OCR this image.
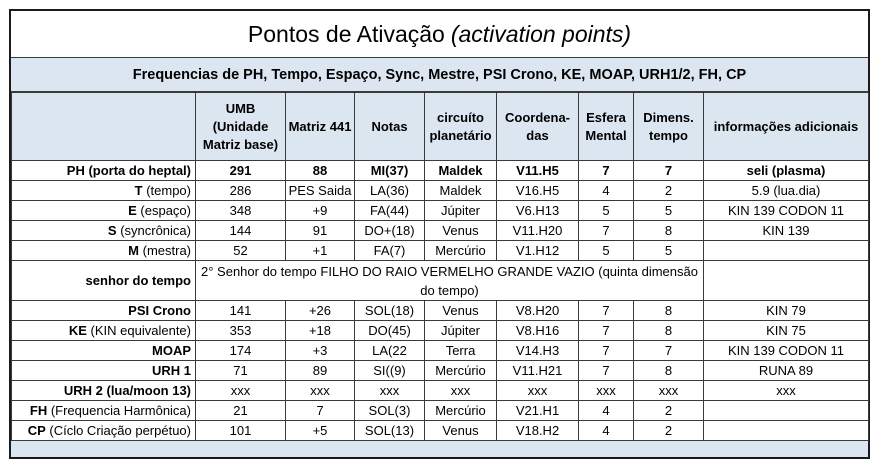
Pontos de Ativação (activation points)
Frequencias de PH, Tempo, Espaço, Sync, Mestre, PSI Crono, KE, MOAP, URH1/2, FH, CP
	UMB (Unidade Matriz base)	Matriz 441	Notas	circuíto planetário	Coordena-das	Esfera Mental	Dimens. tempo	informações adicionais
PH (porta do heptal)	291	88	MI(37)	Maldek	V11.H5	7	7	seli (plasma)
T (tempo)	286	PES Saida	LA(36)	Maldek	V16.H5	4	2	5.9 (lua.dia)
E (espaço)	348	+9	FA(44)	Júpiter	V6.H13	5	5	KIN 139 CODON 11
S (syncrônica)	144	91	DO+(18)	Venus	V11.H20	7	8	KIN 139
M (mestra)	52	+1	FA(7)	Mercúrio	V1.H12	5	5	
senhor do tempo	2° Senhor do tempo FILHO DO RAIO VERMELHO GRANDE VAZIO (quinta dimensão do tempo)							
PSI Crono	141	+26	SOL(18)	Venus	V8.H20	7	8	KIN 79
KE (KIN equivalente)	353	+18	DO(45)	Júpiter	V8.H16	7	8	KIN 75
MOAP	174	+3	LA(22	Terra	V14.H3	7	7	KIN 139 CODON 11
URH 1	71	89	SI((9)	Mercúrio	V11.H21	7	8	RUNA 89
URH 2 (lua/moon 13)	xxx	xxx	xxx	xxx	xxx	xxx	xxx	xxx
FH (Frequencia Harmônica)	21	7	SOL(3)	Mercúrio	V21.H1	4	2	
CP (Cíclo Criação perpétuo)	101	+5	SOL(13)	Venus	V18.H2	4	2	
